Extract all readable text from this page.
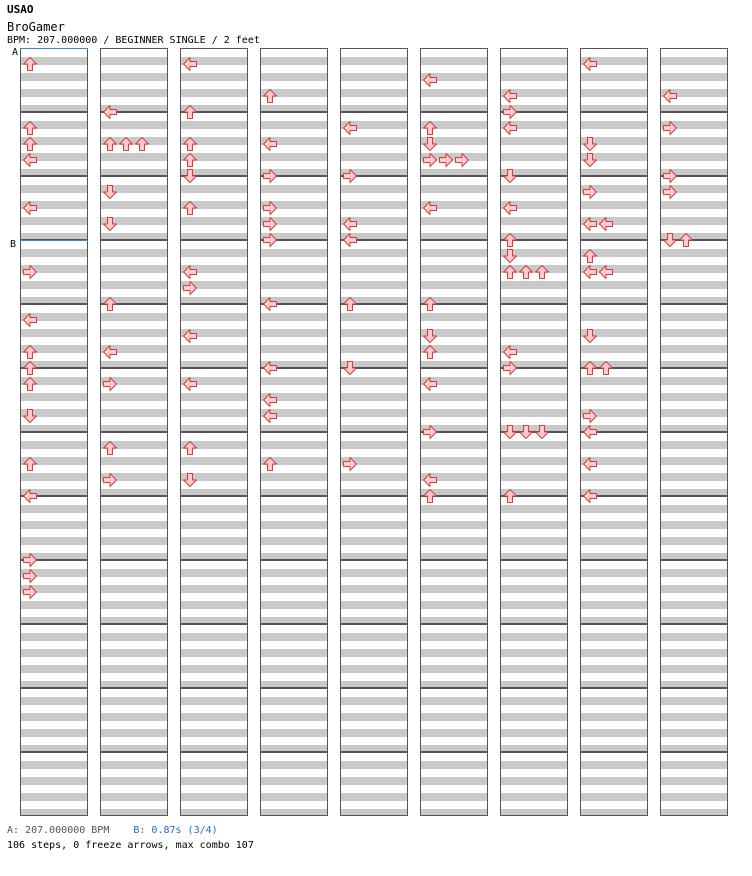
USAO
BroGamer
BPM: 207.000000 / BEGINNER SINGLE / 2 feet
A
B
A: 207.000000 BPM B: 0.87s (3/4)
106 steps, 0 freeze arrows, max combo 107
